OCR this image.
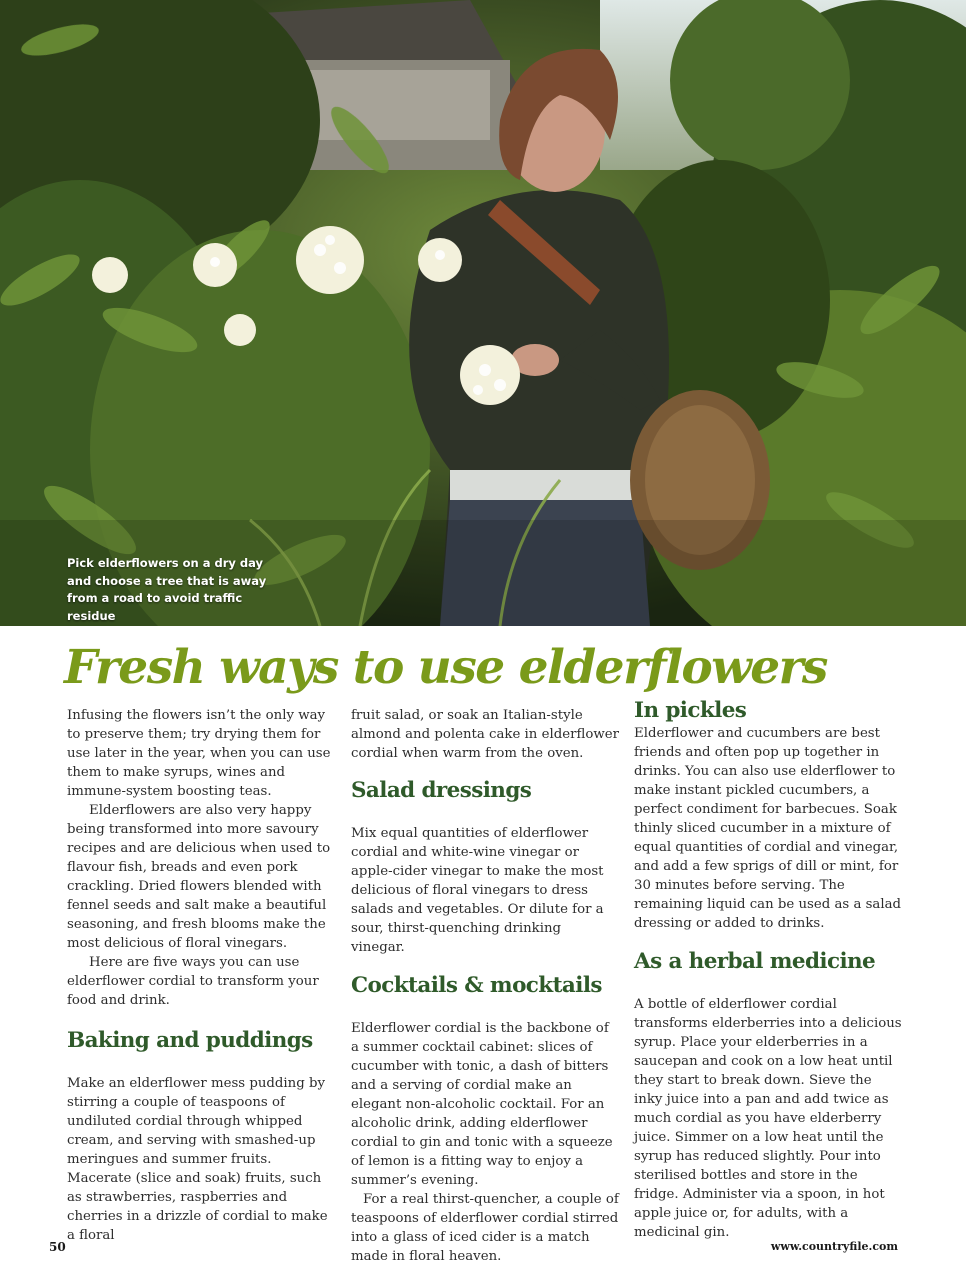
Pick elderflowers on a dry day and choose a tree that is away from a road to avoid traffic residue
Fresh ways to use elderflowers

Infusing the flowers isn’t the only way to preserve them; try drying them for use later in the year, when you can use them to make syrups, wines and immune-system boosting teas.

Elderflowers are also very happy being transformed into more savoury recipes and are delicious when used to flavour fish, breads and even pork crackling. Dried flowers blended with fennel seeds and salt make a beautiful seasoning, and fresh blooms make the most delicious of floral vinegars.

Here are five ways you can use elderflower cordial to transform your food and drink.

Baking and puddings

Make an elderflower mess pudding by stirring a couple of teaspoons of undiluted cordial through whipped cream, and serving with smashed-up meringues and summer fruits. Macerate (slice and soak) fruits, such as strawberries, raspberries and cherries in a drizzle of cordial to make a floral

fruit salad, or soak an Italian-style almond and polenta cake in elderflower cordial when warm from the oven.

Salad dressings

Mix equal quantities of elderflower cordial and white-wine vinegar or apple-cider vinegar to make the most delicious of floral vinegars to dress salads and vegetables. Or dilute for a sour, thirst-quenching drinking vinegar.

Cocktails & mocktails

Elderflower cordial is the backbone of a summer cocktail cabinet: slices of cucumber with tonic, a dash of bitters and a serving of cordial make an elegant non-alcoholic cocktail. For an alcoholic drink, adding elderflower cordial to gin and tonic with a squeeze of lemon is a fitting way to enjoy a summer’s evening.

For a real thirst-quencher, a couple of teaspoons of elderflower cordial stirred into a glass of iced cider is a match made in floral heaven.

In pickles

Elderflower and cucumbers are best friends and often pop up together in drinks. You can also use elderflower to make instant pickled cucumbers, a perfect condiment for barbecues. Soak thinly sliced cucumber in a mixture of equal quantities of cordial and vinegar, and add a few sprigs of dill or mint, for 30 minutes before serving. The remaining liquid can be used as a salad dressing or added to drinks.

As a herbal medicine

A bottle of elderflower cordial transforms elderberries into a delicious syrup. Place your elderberries in a saucepan and cook on a low heat until they start to break down. Sieve the inky juice into a pan and add twice as much cordial as you have elderberry juice. Simmer on a low heat until the syrup has reduced slightly. Pour into sterilised bottles and store in the fridge. Administer via a spoon, in hot apple juice or, for adults, with a medicinal gin.

50	www.countryfile.com
